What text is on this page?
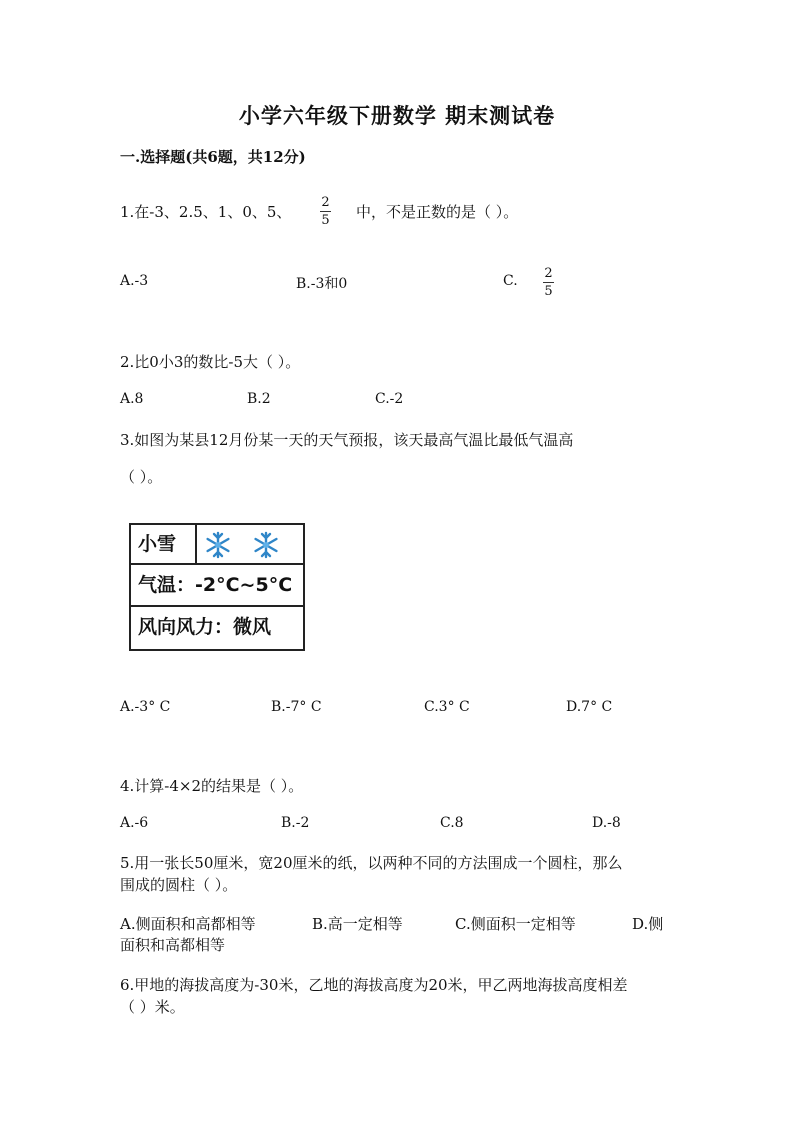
小学六年级下册数学 期末测试卷
一.选择题(共6题，共12分)
1.在-3、2.5、1、0、5、
2
5 中，不是正数的是（ ）。
A.-3	B.-3和0	C. 2
5
2.比0小3的数比-5大（ ）。
A.8	B.2	C.-2
3.如图为某县12月份某一天的天气预报，该天最高气温比最低气温高
（ ）。
小雪
气温：-2°C~5°C
风向风力：微风
A.-3° C	B.-7° C	C.3° C	D.7° C
4.计算-4×2的结果是（ ）。
A.-6	B.-2	C.8	D.-8
5.用一张长50厘米，宽20厘米的纸，以两种不同的方法围成一个圆柱，那么
围成的圆柱（ ）。
A.侧面积和高都相等	B.高一定相等	C.侧面积一定相等	D.侧
面积和高都相等
6.甲地的海拔高度为-30米，乙地的海拔高度为20米，甲乙两地海拔高度相差
（ ）米。
